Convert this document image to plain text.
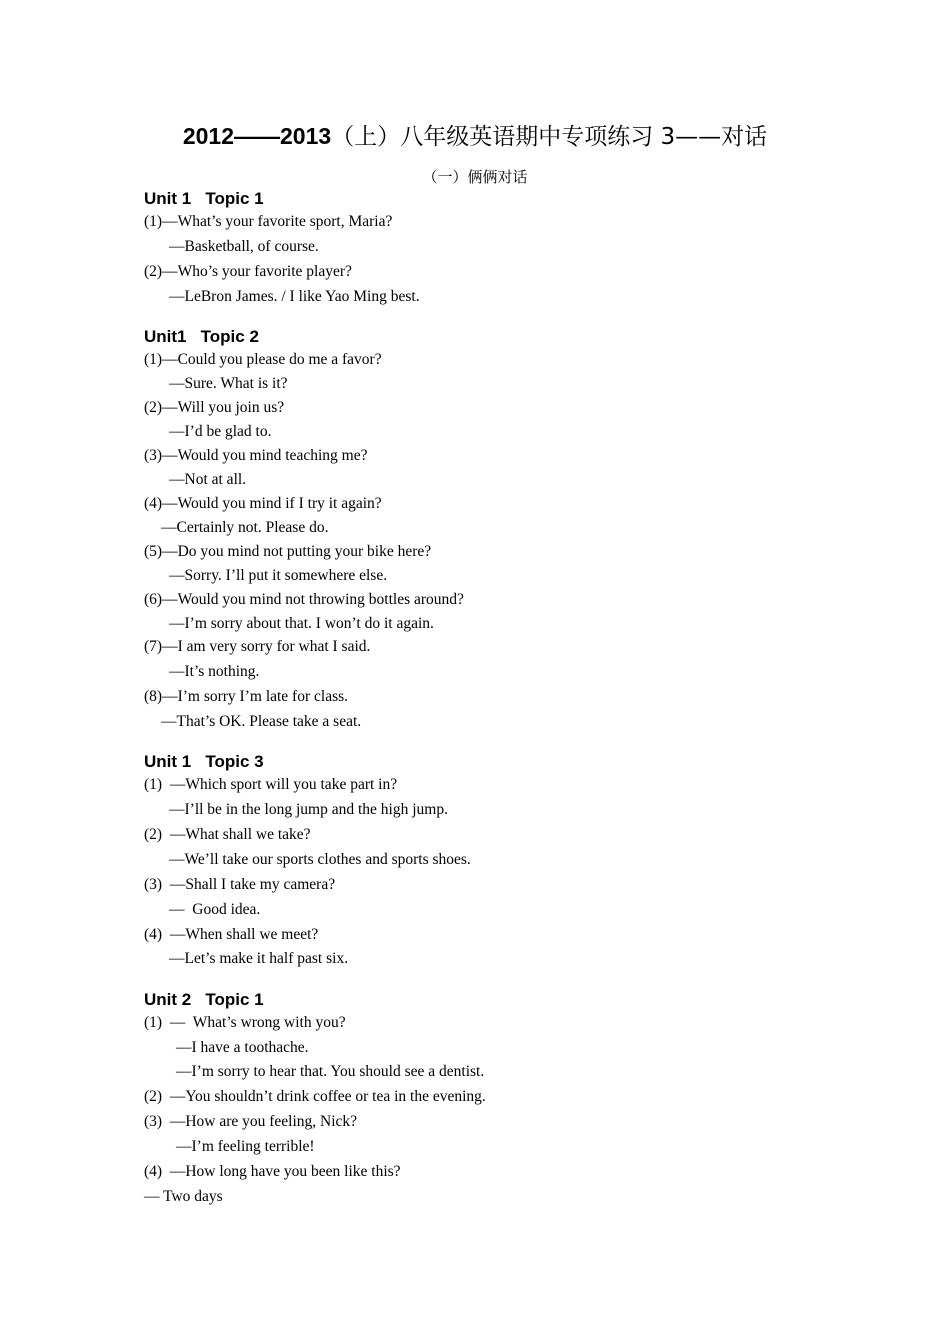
2012——2013（上）八年级英语期中专项练习 3——对话
（一）俩俩对话
Unit 1   Topic 1
(1)—What’s your favorite sport, Maria?
—Basketball, of course.
(2)—Who’s your favorite player?
—LeBron James. / I like Yao Ming best.
Unit1   Topic 2
(1)—Could you please do me a favor?
—Sure. What is it?
(2)—Will you join us?
—I’d be glad to.
(3)—Would you mind teaching me?
—Not at all.
(4)—Would you mind if I try it again?
—Certainly not. Please do.
(5)—Do you mind not putting your bike here?
—Sorry. I’ll put it somewhere else.
(6)—Would you mind not throwing bottles around?
—I’m sorry about that. I won’t do it again.
(7)—I am very sorry for what I said.
—It’s nothing.
(8)—I’m sorry I’m late for class.
—That’s OK. Please take a seat.
Unit 1   Topic 3
(1)  —Which sport will you take part in?
—I’ll be in the long jump and the high jump.
(2)  —What shall we take?
—We’ll take our sports clothes and sports shoes.
(3)  —Shall I take my camera?
—  Good idea.
(4)  —When shall we meet?
—Let’s make it half past six.
Unit 2   Topic 1
(1)  —  What’s wrong with you?
—I have a toothache.
—I’m sorry to hear that. You should see a dentist.
(2)  —You shouldn’t drink coffee or tea in the evening.
(3)  —How are you feeling, Nick?
—I’m feeling terrible!
(4)  —How long have you been like this?
— Two days
